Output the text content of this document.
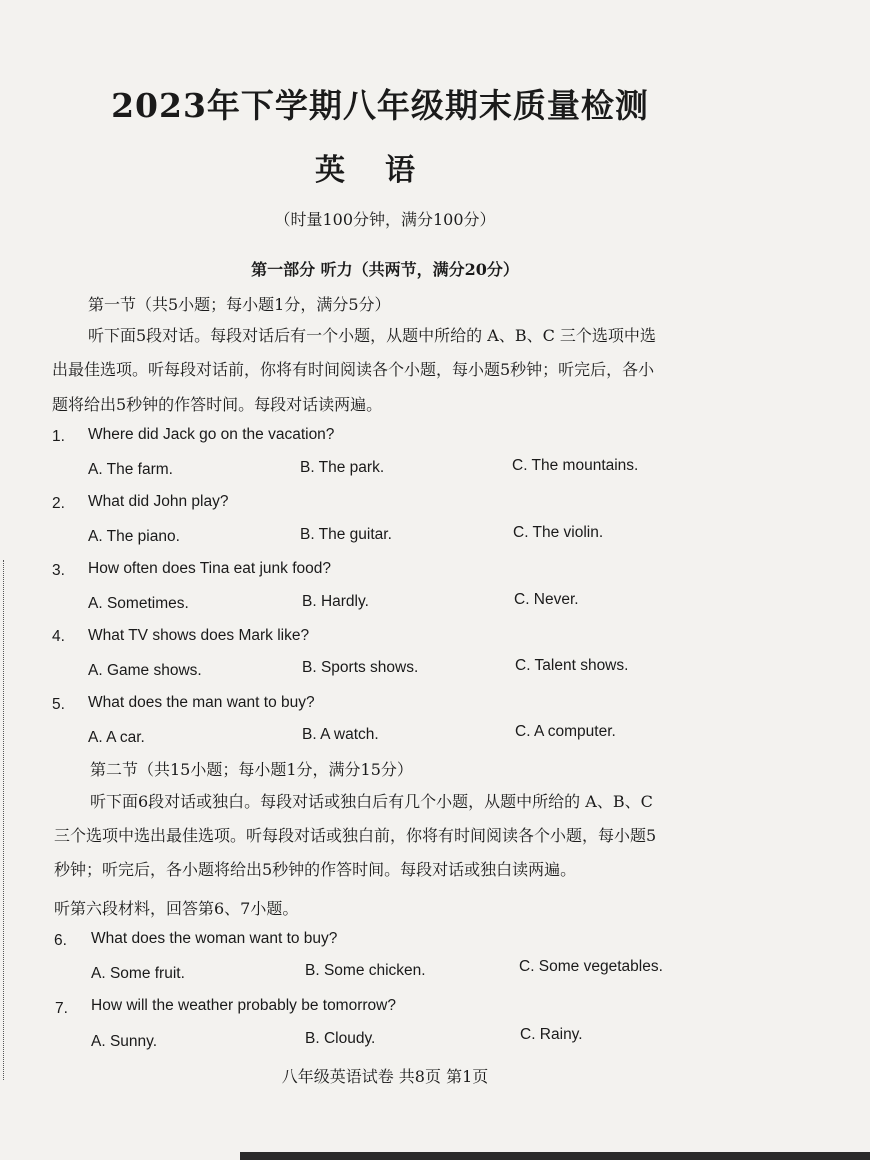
2023年下学期八年级期末质量检测
英语
（时量100分钟，满分100分）
第一部分 听力（共两节，满分20分）
第一节（共5小题；每小题1分，满分5分）
听下面5段对话。每段对话后有一个小题，从题中所给的 A、B、C 三个选项中选
出最佳选项。听每段对话前，你将有时间阅读各个小题，每小题5秒钟；听完后，各小
题将给出5秒钟的作答时间。每段对话读两遍。
1. Where did Jack go on the vacation?
A. The farm.	B. The park.	C. The mountains.
2. What did John play?
A. The piano.	B. The guitar.	C. The violin.
3. How often does Tina eat junk food?
A. Sometimes.	B. Hardly.	C. Never.
4. What TV shows does Mark like?
A. Game shows.	B. Sports shows.	C. Talent shows.
5. What does the man want to buy?
A. A car.	B. A watch.	C. A computer.
第二节（共15小题；每小题1分，满分15分）
听下面6段对话或独白。每段对话或独白后有几个小题，从题中所给的 A、B、C
三个选项中选出最佳选项。听每段对话或独白前，你将有时间阅读各个小题，每小题5
秒钟；听完后，各小题将给出5秒钟的作答时间。每段对话或独白读两遍。
听第六段材料，回答第6、7小题。
6. What does the woman want to buy?
A. Some fruit.	B. Some chicken.	C. Some vegetables.
7. How will the weather probably be tomorrow?
A. Sunny.	B. Cloudy.	C. Rainy.
八年级英语试卷 共8页 第1页
